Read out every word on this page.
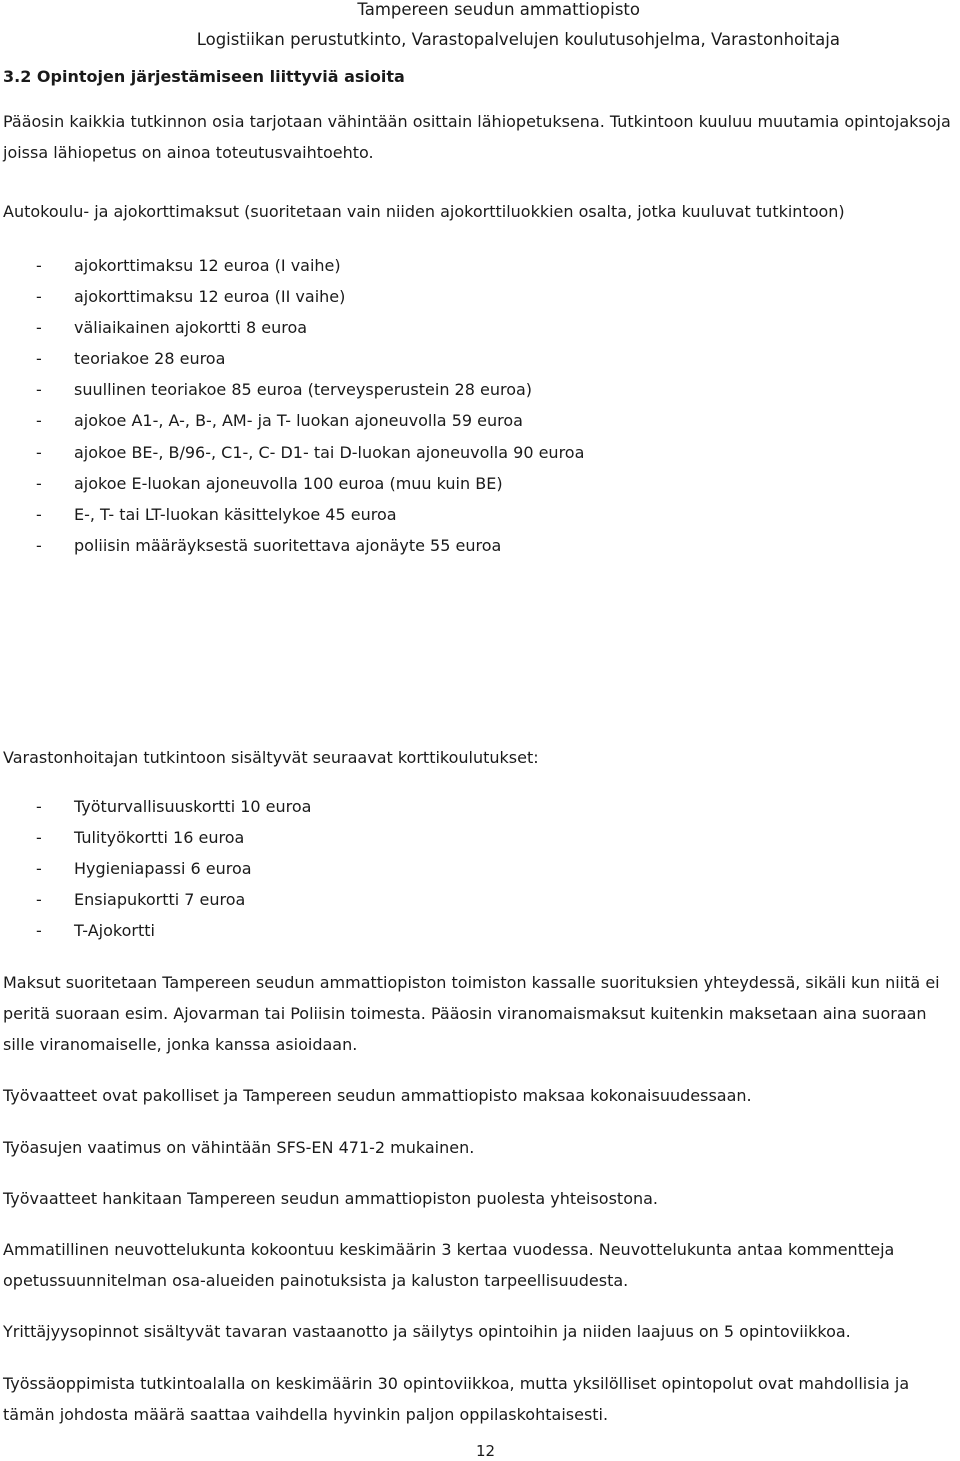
Tampereen seudun ammattiopisto
Logistiikan perustutkinto, Varastopalvelujen koulutusohjelma, Varastonhoitaja
3.2 Opintojen järjestämiseen liittyviä asioita

Pääosin kaikkia tutkinnon osia tarjotaan vähintään osittain lähiopetuksena. Tutkintoon kuuluu muutamia opintojaksoja joissa lähiopetus on ainoa toteutusvaihtoehto.

Autokoulu- ja ajokorttimaksut (suoritetaan vain niiden ajokorttiluokkien osalta, jotka kuuluvat tutkintoon)

- ajokorttimaksu 12 euroa (I vaihe)
- ajokorttimaksu 12 euroa (II vaihe)
- väliaikainen ajokortti 8 euroa
- teoriakoe 28 euroa
- suullinen teoriakoe 85 euroa (terveysperustein 28 euroa)
- ajokoe A1-, A-, B-, AM- ja T- luokan ajoneuvolla 59 euroa
- ajokoe BE-, B/96-, C1-, C- D1- tai D-luokan ajoneuvolla 90 euroa
- ajokoe E-luokan ajoneuvolla 100 euroa (muu kuin BE)
- E-, T- tai LT-luokan käsittelykoe 45 euroa
- poliisin määräyksestä suoritettava ajonäyte 55 euroa

Varastonhoitajan tutkintoon sisältyvät seuraavat korttikoulutukset:

- Työturvallisuuskortti 10 euroa
- Tulityökortti 16 euroa
- Hygieniapassi 6 euroa
- Ensiapukortti 7 euroa
- T-Ajokortti

Maksut suoritetaan Tampereen seudun ammattiopiston toimiston kassalle suorituksien yhteydessä, sikäli kun niitä ei peritä suoraan esim. Ajovarman tai Poliisin toimesta. Pääosin viranomaismaksut kuitenkin maksetaan aina suoraan sille viranomaiselle, jonka kanssa asioidaan.

Työvaatteet ovat pakolliset ja Tampereen seudun ammattiopisto maksaa kokonaisuudessaan.

Työasujen vaatimus on vähintään SFS-EN 471-2 mukainen.

Työvaatteet hankitaan Tampereen seudun ammattiopiston puolesta yhteisostona.

Ammatillinen neuvottelukunta kokoontuu keskimäärin 3 kertaa vuodessa. Neuvottelukunta antaa kommentteja opetussuunnitelman osa-alueiden painotuksista ja kaluston tarpeellisuudesta.

Yrittäjyysopinnot sisältyvät tavaran vastaanotto ja säilytys opintoihin ja niiden laajuus on 5 opintoviikkoa.

Työssäoppimista tutkintoalalla on keskimäärin 30 opintoviikkoa, mutta yksilölliset opintopolut ovat mahdollisia ja tämän johdosta määrä saattaa vaihdella hyvinkin paljon oppilaskohtaisesti.

12
